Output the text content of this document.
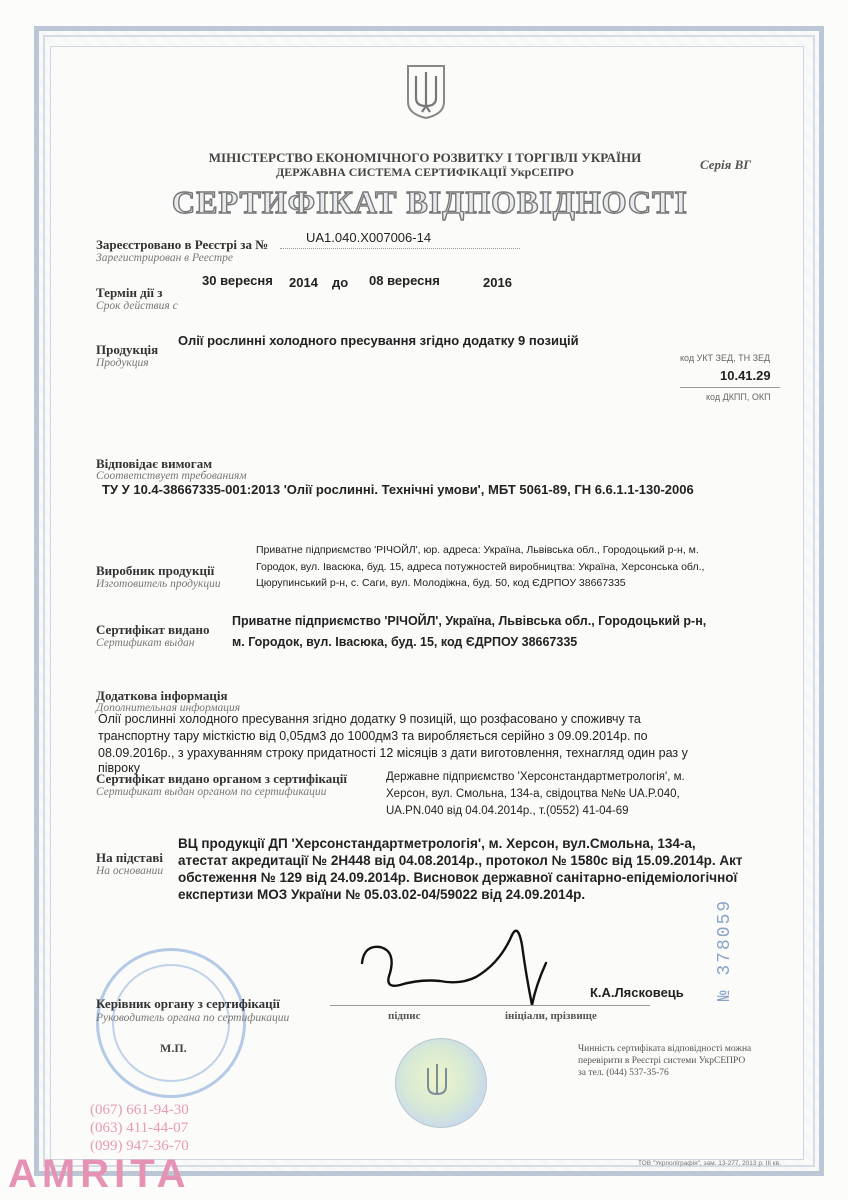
МІНІСТЕРСТВО ЕКОНОМІЧНОГО РОЗВИТКУ І ТОРГІВЛІ УКРАЇНИ
ДЕРЖАВНА СИСТЕМА СЕРТИФІКАЦІЇ УкрСЕПРО	Серія ВГ
СЕРТИФІКАТ ВІДПОВІДНОСТІ
Зареєстровано в Реєстрі за №
Зарегистрирован в Реестре
UA1.040.X007006-14
Термін дії з
Срок действия с
30 вересня 2014 до 08 вересня	2016
Продукція
Продукция
Олії рослинні холодного пресування згідно додатку 9 позицій
код УКТ ЗЕД, ТН ЗЕД
10.41.29
код ДКПП, ОКП
Відповідає вимогам
Соответствует требованиям
ТУ У 10.4-38667335-001:2013 'Олії рослинні. Технічні умови', МБТ 5061-89, ГН 6.6.1.1-130-2006
Виробник продукції
Изготовитель продукции
Приватне підприємство 'РІЧОЙЛ', юр. адреса: Україна, Львівська обл., Городоцький р-н, м.
Городок, вул. Івасюка, буд. 15, адреса потужностей виробництва: Україна, Херсонська обл.,
Цюрупинський р-н, с. Саги, вул. Молодіжна, буд. 50, код ЄДРПОУ 38667335
Сертифікат видано
Сертификат выдан
Приватне підприємство 'РІЧОЙЛ', Україна, Львівська обл., Городоцький р-н,
м. Городок, вул. Івасюка, буд. 15, код ЄДРПОУ 38667335
Додаткова інформація
Дополнительная информация
Олії рослинні холодного пресування згідно додатку 9 позицій, що розфасовано у споживчу та
транспортну тару місткістю від 0,05дм3 до 1000дм3 та виробляється серійно з 09.09.2014р. по
08.09.2016р., з урахуванням строку придатності 12 місяців з дати виготовлення, технагляд один раз у
півроку
Сертифікат видано органом з сертифікації
Сертификат выдан органом по сертификации
Державне підприємство 'Херсонстандартметрологія', м.
Херсон, вул. Смольна, 134-а, свідоцтва №№ UA.P.040,
UA.PN.040 від 04.04.2014р., т.(0552) 41-04-69
На підставі
На основании
ВЦ продукції ДП 'Херсонстандартметрологія', м. Херсон, вул.Смольна, 134-а,
атестат акредитації № 2Н448 від 04.08.2014р., протокол № 1580с від 15.09.2014р. Акт
обстеження № 129 від 24.09.2014р. Висновок державної санітарно-епідеміологічної
експертизи МОЗ України № 05.03.02-04/59022 від 24.09.2014р.
Керівник органу з сертифікації
Руководитель органа по сертификации
К.А.Лясковець
підпис	ініціали, прізвище
М.П.
№ 378059
Чинність сертифіката відповідності можна
перевірити в Реєстрі системи УкрСЕПРО
за тел. (044) 537-35-76
ТОВ "Укрполіграфія", зам. 13-277, 2013 р. ІІІ кв.
(067) 661-94-30
(063) 411-44-07
(099) 947-36-70
AMRITA
